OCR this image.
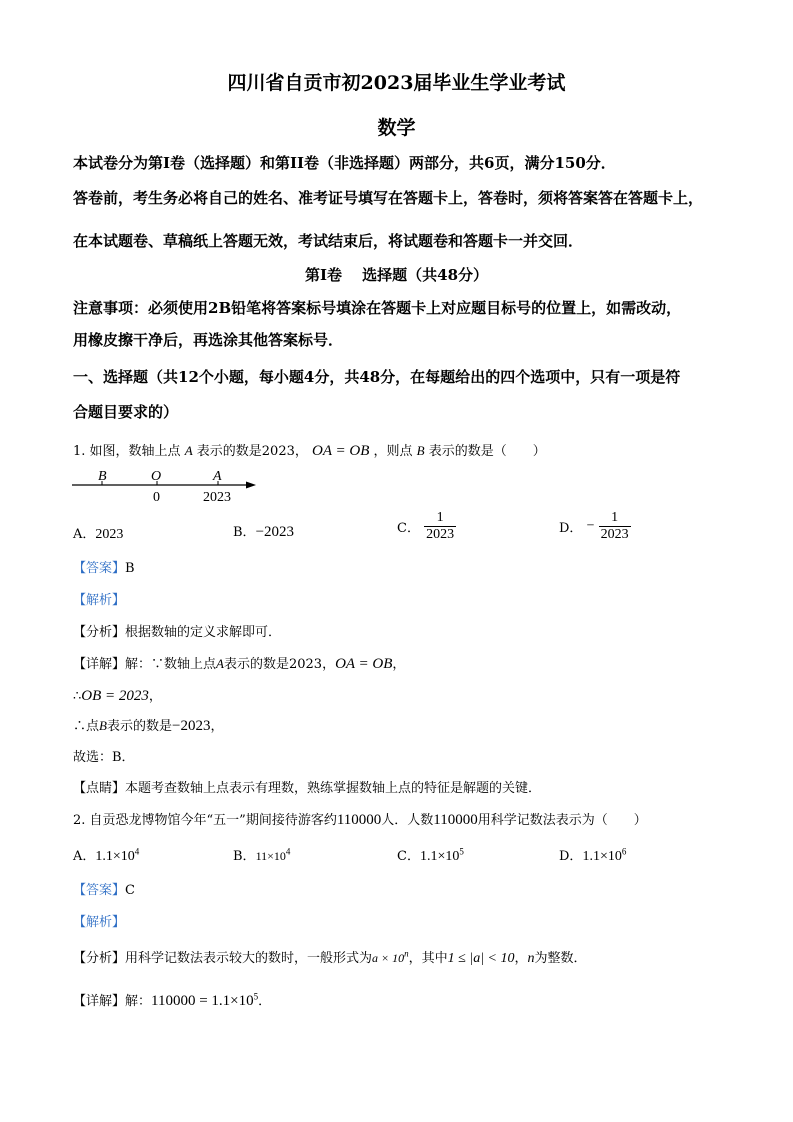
四川省自贡市初2023届毕业生学业考试
数学
本试卷分为第I卷（选择题）和第II卷（非选择题）两部分，共6页，满分150分．
答卷前，考生务必将自己的姓名、准考证号填写在答题卡上，答卷时，须将答案答在答题卡上，
在本试题卷、草稿纸上答题无效，考试结束后，将试题卷和答题卡一并交回．
第I卷　 选择题（共48分）
注意事项：必须使用2B铅笔将答案标号填涂在答题卡上对应题目标号的位置上，如需改动，
用橡皮擦干净后，再选涂其他答案标号．
一、选择题（共12个小题，每小题4分，共48分，在每题给出的四个选项中，只有一项是符
合题目要求的）
1. 如图，数轴上点 A 表示的数是2023， OA = OB ，则点 B 表示的数是（　　）
B	O	A
0	2023
A．2023	B．−2023	C． $\frac{1}{2023}$	D． − $\frac{1}{2023}$
【答案】B
【解析】
【分析】根据数轴的定义求解即可．
【详解】解：∵数轴上点A表示的数是2023，OA = OB，
∴OB = 2023，
∴点B表示的数是−2023，
故选：B．
【点睛】本题考查数轴上点表示有理数，熟练掌握数轴上点的特征是解题的关键．
2. 自贡恐龙博物馆今年“五一”期间接待游客约110000人．人数110000用科学记数法表示为（　　）
A．$1.1\times 10^4$	B．$11\times 10^4$	C．$1.1\times 10^5$	D．$1.1\times 10^6$
【答案】C
【解析】
【分析】用科学记数法表示较大的数时，一般形式为$a \times 10^n$，其中1 ≤ |a| < 10，n为整数．
【详解】解：$110000 = 1.1\times 10^5$．
